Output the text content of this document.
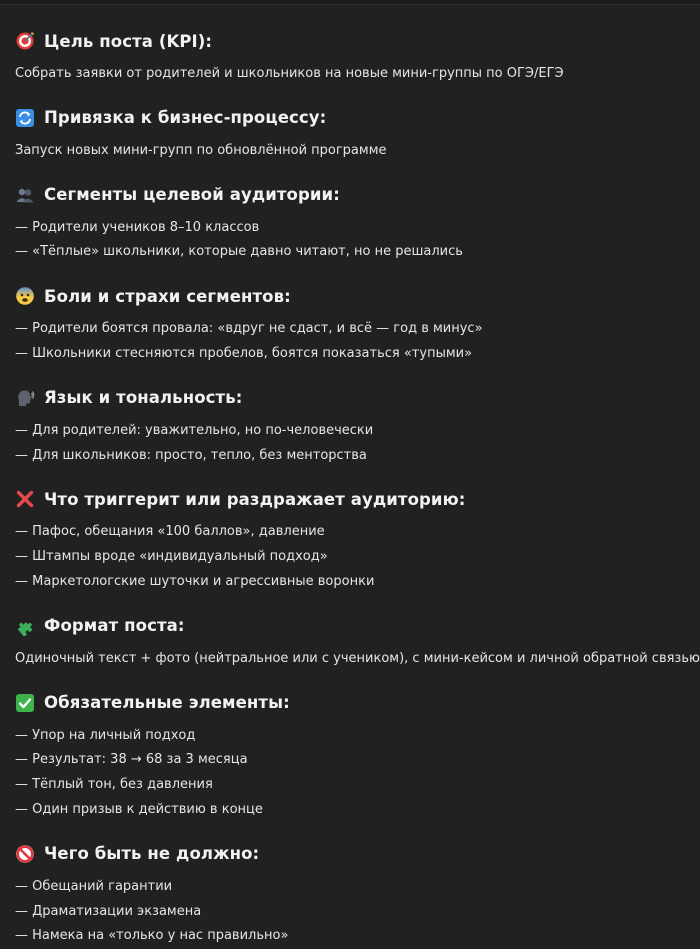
Цель поста (KPI):
Собрать заявки от родителей и школьников на новые мини-группы по ОГЭ/ЕГЭ
Привязка к бизнес-процессу:
Запуск новых мини-групп по обновлённой программе
Сегменты целевой аудитории:
— Родители учеников 8–10 классов
— «Тёплые» школьники, которые давно читают, но не решались
Боли и страхи сегментов:
— Родители боятся провала: «вдруг не сдаст, и всё — год в минус»
— Школьники стесняются пробелов, боятся показаться «тупыми»
Язык и тональность:
— Для родителей: уважительно, но по-человечески
— Для школьников: просто, тепло, без менторства
Что триггерит или раздражает аудиторию:
— Пафос, обещания «100 баллов», давление
— Штампы вроде «индивидуальный подход»
— Маркетологские шуточки и агрессивные воронки
Формат поста:
Одиночный текст + фото (нейтральное или с учеником), с мини-кейсом и личной обратной связью
Обязательные элементы:
— Упор на личный подход
— Результат: 38 → 68 за 3 месяца
— Тёплый тон, без давления
— Один призыв к действию в конце
Чего быть не должно:
— Обещаний гарантии
— Драматизации экзамена
— Намека на «только у нас правильно»
